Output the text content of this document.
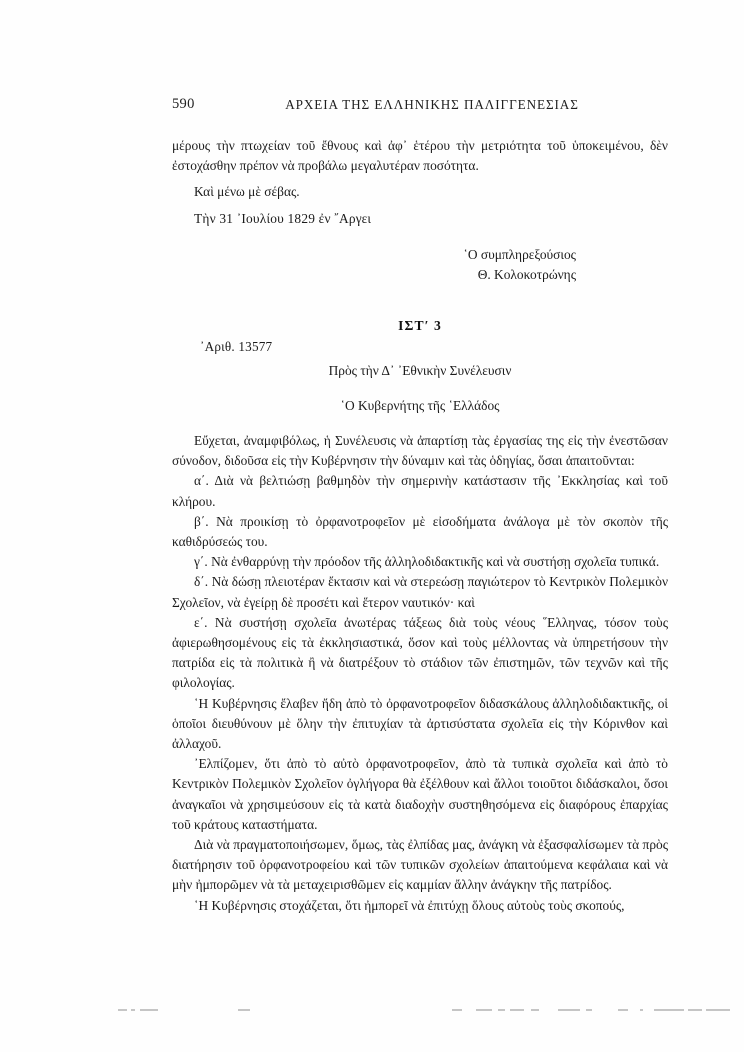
590	ΑΡΧΕΙΑ ΤΗΣ ΕΛΛΗΝΙΚΗΣ ΠΑΛΙΓΓΕΝΕΣΙΑΣ

μέρους τὴν πτωχείαν τοῦ ἔθνους καὶ ἀφ᾿ ἑτέρου τὴν μετριότητα τοῦ ὑποκειμένου, δὲν ἐστοχάσθην πρέπον νὰ προβάλω μεγαλυτέραν ποσότητα.

Καὶ μένω μὲ σέβας.
Τὴν 31 ᾿Ιουλίου 1829 ἐν ῎Αργει
῾Ο συμπληρεξούσιος
Θ. Κολοκοτρώνης
ΙΣΤ′ 3
᾿Αριθ. 13577
Πρὸς τὴν Δ᾿ ᾿Εθνικὴν Συνέλευσιν
῾Ο Κυβερνήτης τῆς ῾Ελλάδος

Εὔχεται, ἀναμφιβόλως, ἡ Συνέλευσις νὰ ἀπαρτίσῃ τὰς ἐργασίας της εἰς τὴν ἐνεστῶσαν σύνοδον, διδοῦσα εἰς τὴν Κυβέρνησιν τὴν δύναμιν καὶ τὰς ὁδηγίας, ὅσαι ἀπαιτοῦνται:

α΄. Διὰ νὰ βελτιώσῃ βαθμηδὸν τὴν σημερινὴν κατάστασιν τῆς ᾿Εκκλησίας καὶ τοῦ κλήρου.

β΄. Νὰ προικίσῃ τὸ ὀρφανοτροφεῖον μὲ εἰσοδήματα ἀνάλογα μὲ τὸν σκοπὸν τῆς καθιδρύσεώς του.

γ΄. Νὰ ἐνθαρρύνῃ τὴν πρόοδον τῆς ἀλληλοδιδακτικῆς καὶ νὰ συστήσῃ σχολεῖα τυπικά.

δ΄. Νὰ δώσῃ πλειοτέραν ἔκτασιν καὶ νὰ στερεώσῃ παγιώτερον τὸ Κεντρικὸν Πολεμικὸν Σχολεῖον, νὰ ἐγείρῃ δὲ προσέτι καὶ ἕτερον ναυτικόν· καὶ

ε΄. Νὰ συστήσῃ σχολεῖα ἀνωτέρας τάξεως διὰ τοὺς νέους ῞Ελληνας, τόσον τοὺς ἀφιερωθησομένους εἰς τὰ ἐκκλησιαστικά, ὅσον καὶ τοὺς μέλλοντας νὰ ὑπηρετήσουν τὴν πατρίδα εἰς τὰ πολιτικὰ ἢ νὰ διατρέξουν τὸ στάδιον τῶν ἐπιστημῶν, τῶν τεχνῶν καὶ τῆς φιλολογίας.

῾Η Κυβέρνησις ἔλαβεν ἤδη ἀπὸ τὸ ὀρφανοτροφεῖον διδασκάλους ἀλληλοδιδακτικῆς, οἱ ὁποῖοι διευθύνουν μὲ ὅλην τὴν ἐπιτυχίαν τὰ ἀρτισύστατα σχολεῖα εἰς τὴν Κόρινθον καὶ ἀλλαχοῦ.

᾿Ελπίζομεν, ὅτι ἀπὸ τὸ αὐτὸ ὀρφανοτροφεῖον, ἀπὸ τὰ τυπικὰ σχολεῖα καὶ ἀπὸ τὸ Κεντρικὸν Πολεμικὸν Σχολεῖον ὀγλήγορα θὰ ἐξέλθουν καὶ ἄλλοι τοιοῦτοι διδάσκαλοι, ὅσοι ἀναγκαῖοι νὰ χρησιμεύσουν εἰς τὰ κατὰ διαδοχὴν συστηθησόμενα εἰς διαφόρους ἐπαρχίας τοῦ κράτους καταστήματα.

Διὰ νὰ πραγματοποιήσωμεν, ὅμως, τὰς ἐλπίδας μας, ἀνάγκη νὰ ἐξασφαλίσωμεν τὰ πρὸς διατήρησιν τοῦ ὀρφανοτροφείου καὶ τῶν τυπικῶν σχολείων ἀπαιτούμενα κεφάλαια καὶ νὰ μὴν ἠμπορῶμεν νὰ τὰ μεταχειρισθῶμεν εἰς καμμίαν ἄλλην ἀνάγκην τῆς πατρίδος.

῾Η Κυβέρνησις στοχάζεται, ὅτι ἠμπορεῖ νὰ ἐπιτύχῃ ὅλους αὐτοὺς τοὺς σκοπούς,
